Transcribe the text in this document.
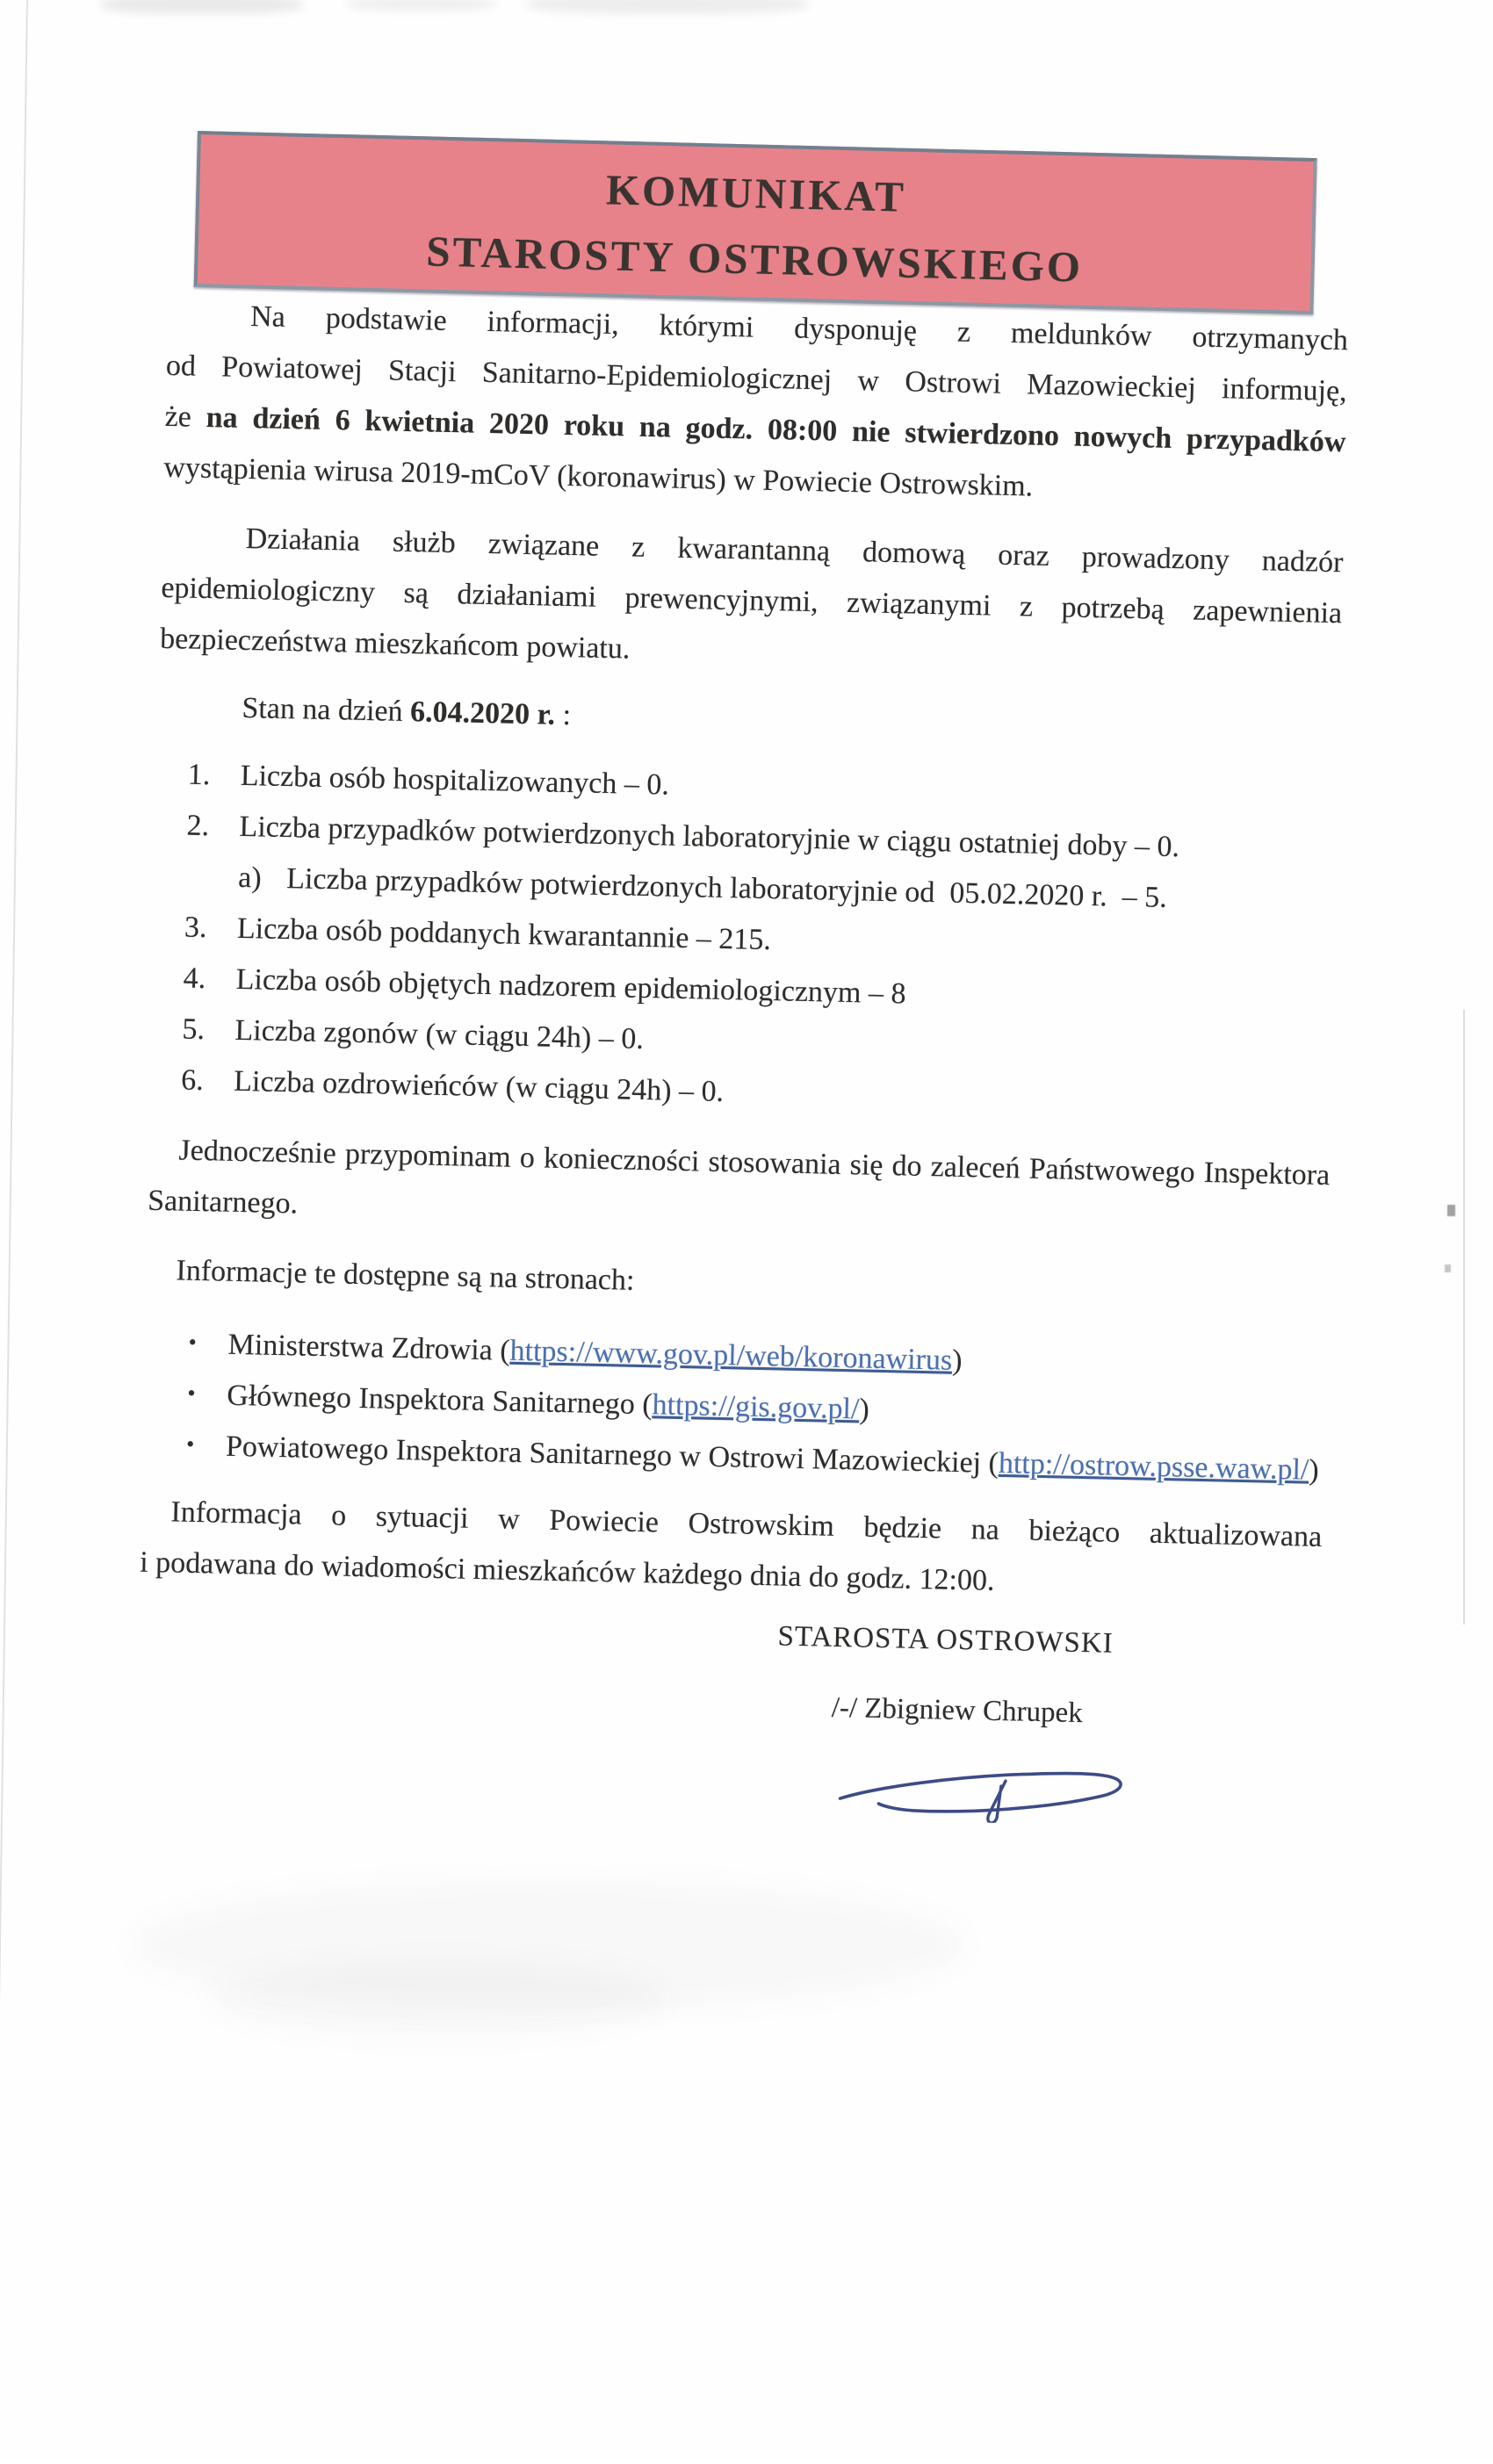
KOMUNIKAT
STAROSTY OSTROWSKIEGO
Na podstawie informacji, którymi dysponuję z meldunków otrzymanych
od Powiatowej Stacji Sanitarno-Epidemiologicznej w Ostrowi Mazowieckiej informuję,
że na dzień 6 kwietnia 2020 roku na godz. 08:00 nie stwierdzono nowych przypadków
wystąpienia wirusa 2019-mCoV (koronawirus) w Powiecie Ostrowskim.
Działania służb związane z kwarantanną domową oraz prowadzony nadzór
epidemiologiczny są działaniami prewencyjnymi, związanymi z potrzebą zapewnienia
bezpieczeństwa mieszkańcom powiatu.
Stan na dzień 6.04.2020 r. :
1. Liczba osób hospitalizowanych – 0.
2. Liczba przypadków potwierdzonych laboratoryjnie w ciągu ostatniej doby – 0.
a) Liczba przypadków potwierdzonych laboratoryjnie od  05.02.2020 r.  – 5.
3. Liczba osób poddanych kwarantannie – 215.
4. Liczba osób objętych nadzorem epidemiologicznym – 8
5. Liczba zgonów (w ciągu 24h) – 0.
6. Liczba ozdrowieńców (w ciągu 24h) – 0.
Jednocześnie przypominam o konieczności stosowania się do zaleceń Państwowego Inspektora
Sanitarnego.
Informacje te dostępne są na stronach:
• Ministerstwa Zdrowia (https://www.gov.pl/web/koronawirus)
• Głównego Inspektora Sanitarnego (https://gis.gov.pl/)
• Powiatowego Inspektora Sanitarnego w Ostrowi Mazowieckiej (http://ostrow.psse.waw.pl/)
Informacja o sytuacji w Powiecie Ostrowskim będzie na bieżąco aktualizowana
i podawana do wiadomości mieszkańców każdego dnia do godz. 12:00.
STAROSTA OSTROWSKI
/-/ Zbigniew Chrupek
